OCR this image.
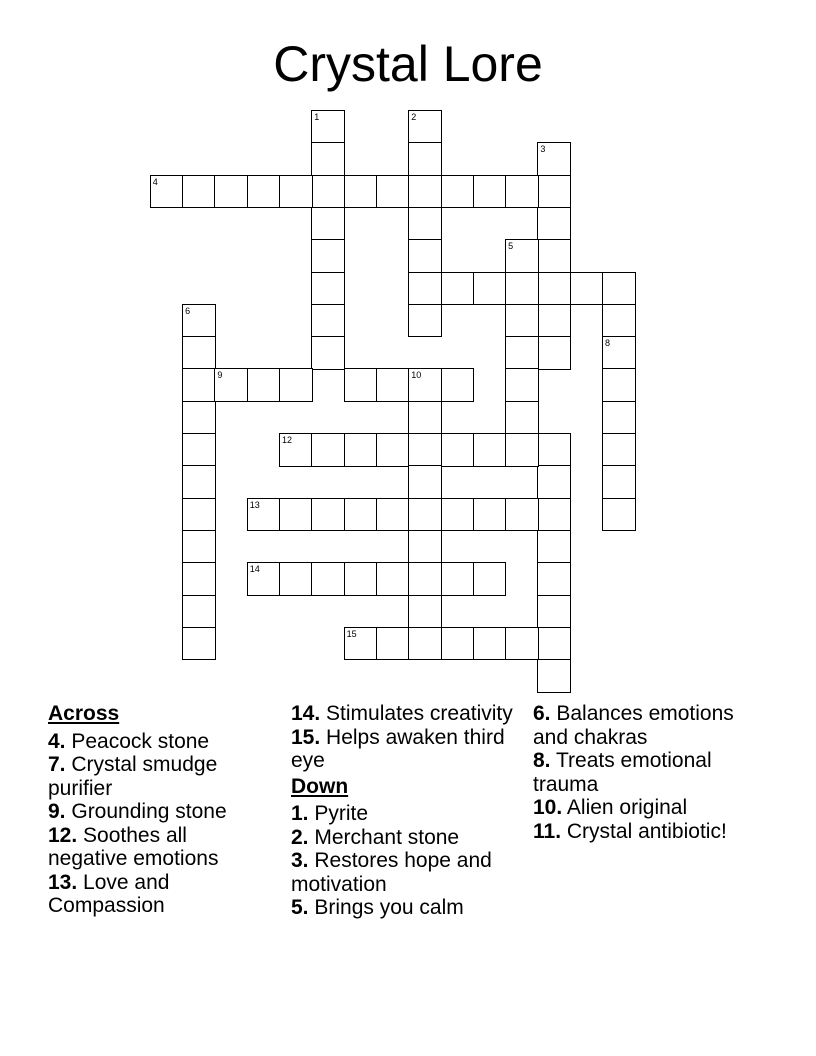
Crystal Lore
1	2
3
4
5
6
9	10
8
12
13
14
15
Across

4. Peacock stone

7. Crystal smudge purifier

9. Grounding stone

12. Soothes all negative emotions

13. Love and Compassion

14. Stimulates creativity

15. Helps awaken third eye

Down

1. Pyrite

2. Merchant stone

3. Restores hope and motivation

5. Brings you calm

6. Balances emotions and chakras

8. Treats emotional trauma

10. Alien original

11. Crystal antibiotic!
